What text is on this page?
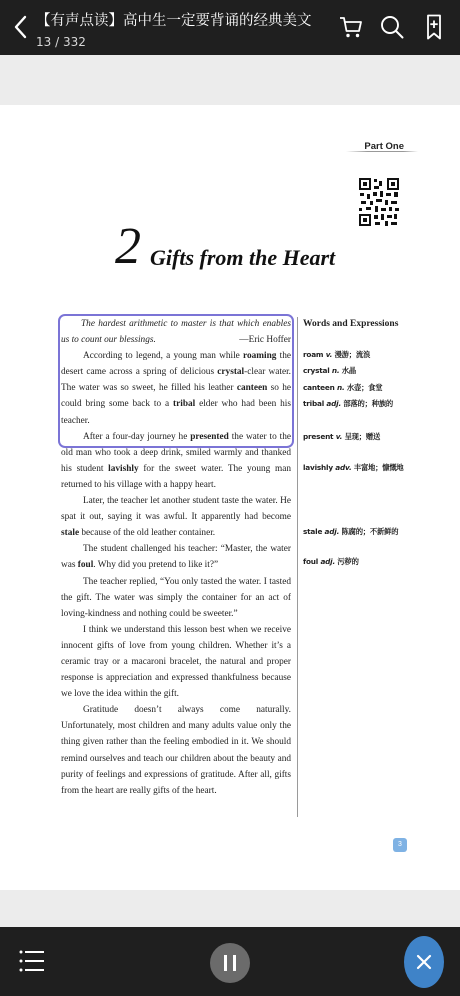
【有声点读】高中生一定要背诵的经典美文
13 / 332
Part One
2 Gifts from the Heart

The hardest arithmetic to master is that which enables us to count our blessings.	—Eric Hoffer

According to legend, a young man while roaming the desert came across a spring of delicious crystal-clear water. The water was so sweet, he filled his leather canteen so he could bring some back to a tribal elder who had been his teacher.

After a four-day journey he presented the water to the old man who took a deep drink, smiled warmly and thanked his student lavishly for the sweet water. The young man returned to his village with a happy heart.

Later, the teacher let another student taste the water. He spat it out, saying it was awful. It apparently had become stale because of the old leather container.

The student challenged his teacher: “Master, the water was foul. Why did you pretend to like it?”

The teacher replied, “You only tasted the water. I tasted the gift. The water was simply the container for an act of loving-kindness and nothing could be sweeter.”

I think we understand this lesson best when we receive innocent gifts of love from young children. Whether it’s a ceramic tray or a macaroni bracelet, the natural and proper response is appreciation and expressed thankfulness because we love the idea within the gift.

Gratitude doesn’t always come naturally. Unfortunately, most children and many adults value only the thing given rather than the feeling embodied in it. We should remind ourselves and teach our children about the beauty and purity of feelings and expressions of gratitude. After all, gifts from the heart are really gifts of the heart.

Words and Expressions
roam v. 漫游；流浪
crystal n. 水晶
canteen n. 水壶；食堂
tribal adj. 部落的；种族的
present v. 呈现；赠送
lavishly adv. 丰富地；慷慨地
stale adj. 陈腐的；不新鲜的
foul adj. 污秽的
3
